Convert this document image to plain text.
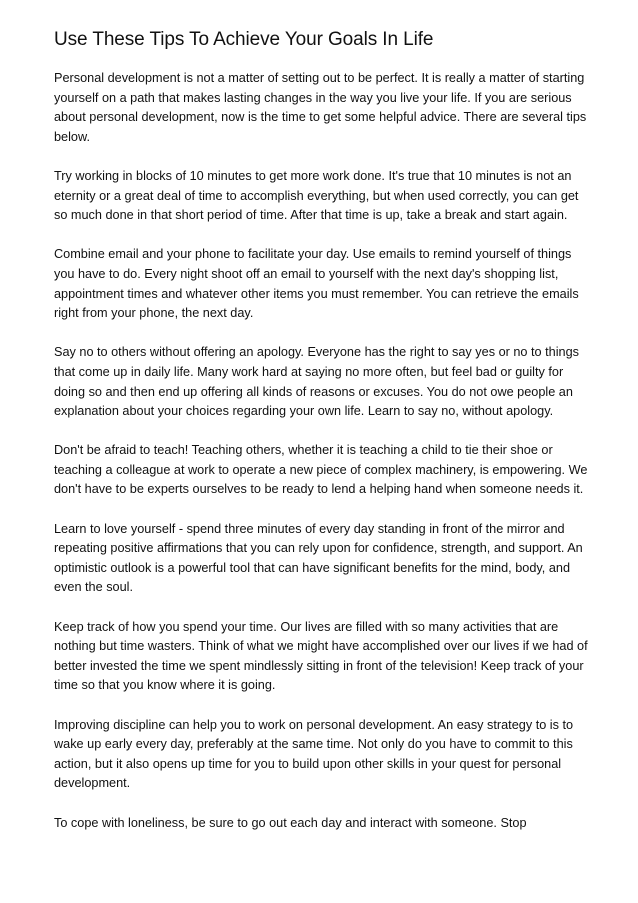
Use These Tips To Achieve Your Goals In Life

Personal development is not a matter of setting out to be perfect. It is really a matter of starting yourself on a path that makes lasting changes in the way you live your life. If you are serious about personal development, now is the time to get some helpful advice. There are several tips below.

Try working in blocks of 10 minutes to get more work done. It's true that 10 minutes is not an eternity or a great deal of time to accomplish everything, but when used correctly, you can get so much done in that short period of time. After that time is up, take a break and start again.

Combine email and your phone to facilitate your day. Use emails to remind yourself of things you have to do. Every night shoot off an email to yourself with the next day's shopping list, appointment times and whatever other items you must remember. You can retrieve the emails right from your phone, the next day.

Say no to others without offering an apology. Everyone has the right to say yes or no to things that come up in daily life. Many work hard at saying no more often, but feel bad or guilty for doing so and then end up offering all kinds of reasons or excuses. You do not owe people an explanation about your choices regarding your own life. Learn to say no, without apology.

Don't be afraid to teach! Teaching others, whether it is teaching a child to tie their shoe or teaching a colleague at work to operate a new piece of complex machinery, is empowering. We don't have to be experts ourselves to be ready to lend a helping hand when someone needs it.

Learn to love yourself - spend three minutes of every day standing in front of the mirror and repeating positive affirmations that you can rely upon for confidence, strength, and support. An optimistic outlook is a powerful tool that can have significant benefits for the mind, body, and even the soul.

Keep track of how you spend your time. Our lives are filled with so many activities that are nothing but time wasters. Think of what we might have accomplished over our lives if we had of better invested the time we spent mindlessly sitting in front of the television! Keep track of your time so that you know where it is going.

Improving discipline can help you to work on personal development. An easy strategy to is to wake up early every day, preferably at the same time. Not only do you have to commit to this action, but it also opens up time for you to build upon other skills in your quest for personal development.

To cope with loneliness, be sure to go out each day and interact with someone. Stop
